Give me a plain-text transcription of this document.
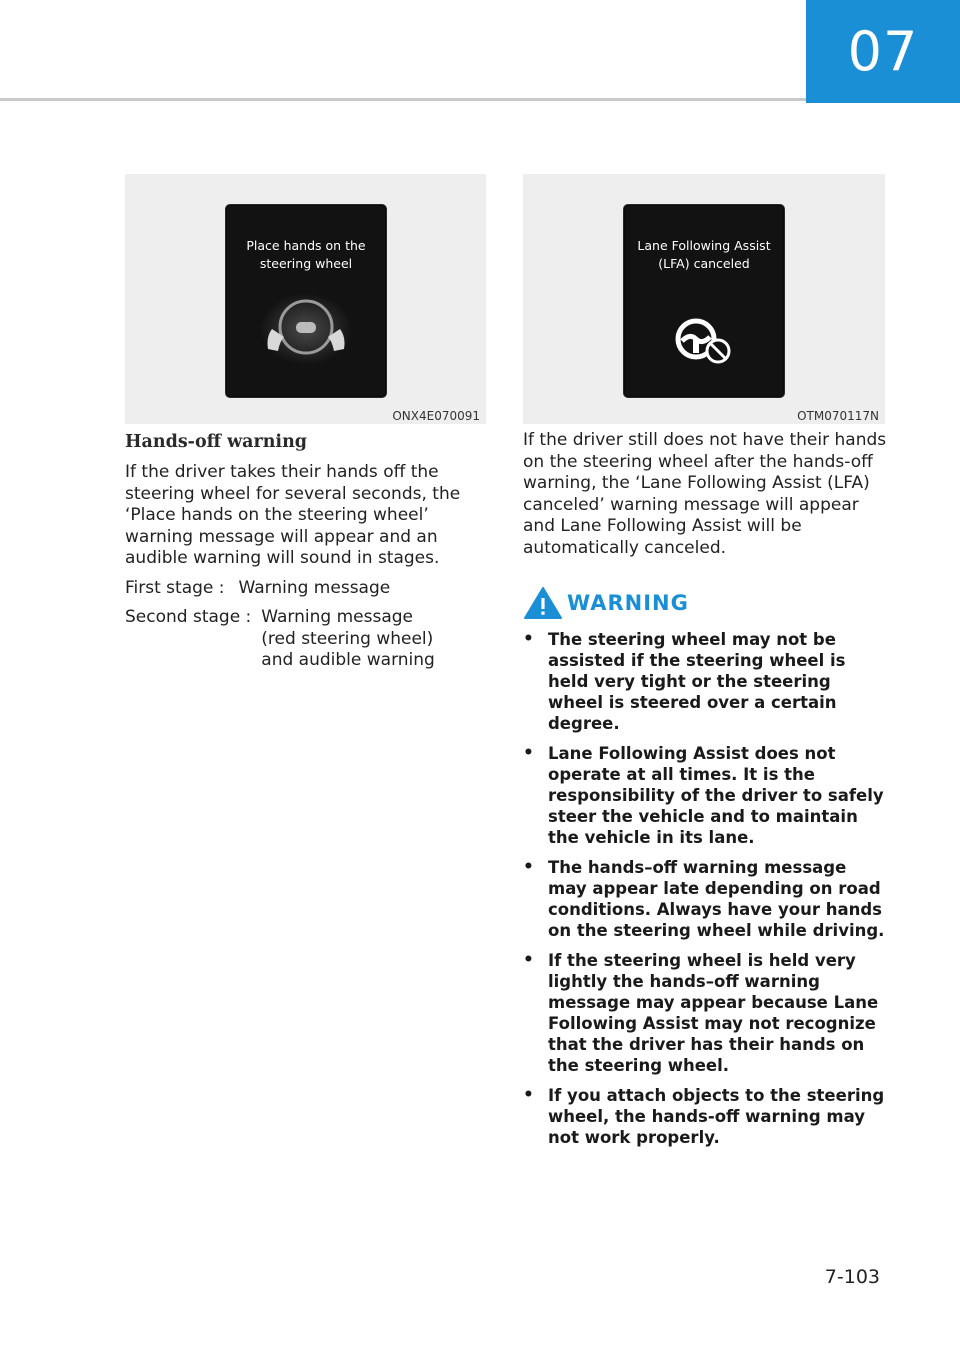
07
Place hands on the
steering wheel
ONX4E070091
Lane Following Assist
(LFA) canceled
OTM070117N
Hands-off warning

If the driver takes their hands off the steering wheel for several seconds, the ‘Place hands on the steering wheel’ warning message will appear and an audible warning will sound in stages.

First stage : Warning message
Second stage : Warning message (red steering wheel) and audible warning

If the driver still does not have their hands on the steering wheel after the hands-off warning, the ‘Lane Following Assist (LFA) canceled’ warning message will appear and Lane Following Assist will be automatically canceled.

WARNING
• The steering wheel may not be assisted if the steering wheel is held very tight or the steering wheel is steered over a certain degree.
• Lane Following Assist does not operate at all times. It is the responsibility of the driver to safely steer the vehicle and to maintain the vehicle in its lane.
• The hands–off warning message may appear late depending on road conditions. Always have your hands on the steering wheel while driving.
• If the steering wheel is held very lightly the hands–off warning message may appear because Lane Following Assist may not recognize that the driver has their hands on the steering wheel.
• If you attach objects to the steering wheel, the hands-off warning may not work properly.
7-103
